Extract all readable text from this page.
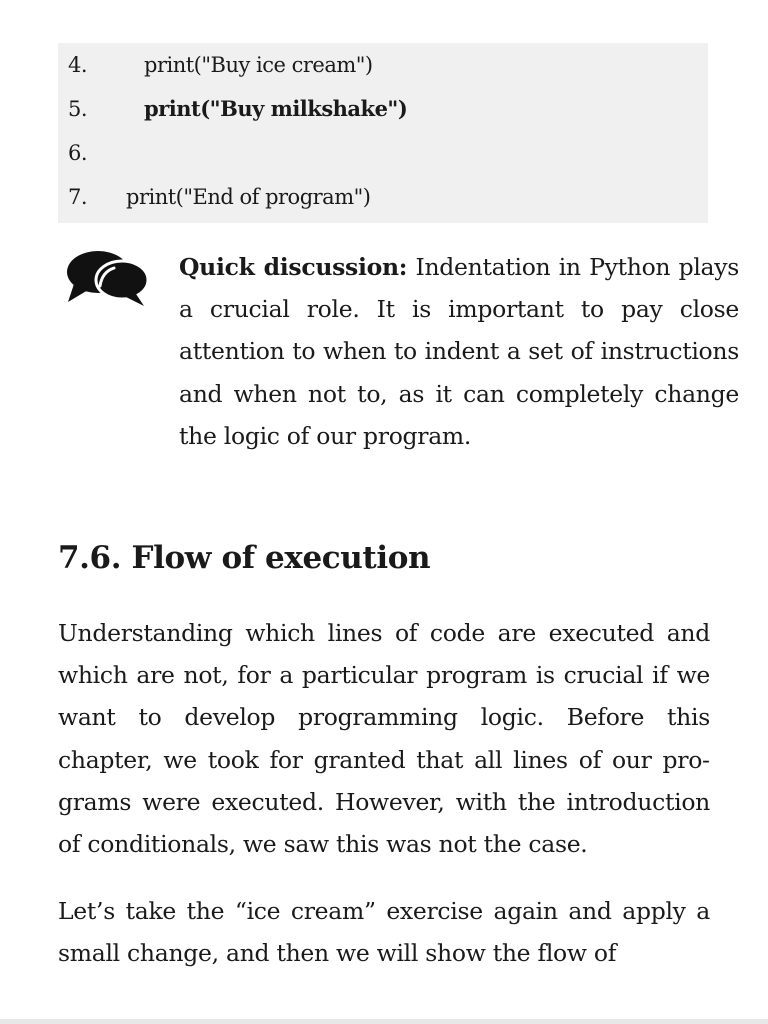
4.	print("Buy ice cream")
5.	print("Buy milkshake")
6.
7. print("End of program")

Quick discussion: Indentation in Python plays a crucial role. It is important to pay close attention to when to indent a set of instructions and when not to, as it can completely change the logic of our program.

7.6. Flow of execution

Understanding which lines of code are executed and which are not, for a particular program is crucial if we want to develop programming logic. Before this chapter, we took for granted that all lines of our programs were executed. However, with the introduction of conditionals, we saw this was not the case.

Let’s take the “ice cream” exercise again and apply a small change, and then we will show the flow of
